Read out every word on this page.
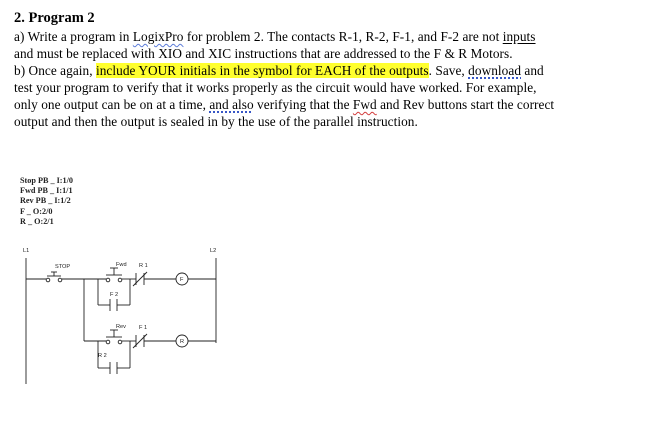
2. Program 2

a) Write a program in LogixPro for problem 2. The contacts R-1, R-2, F-1, and F-2 are not inputs
and must be replaced with XIO and XIC instructions that are addressed to the F & R Motors.

b) Once again, include YOUR initials in the symbol for EACH of the outputs. Save, download and
test your program to verify that it works properly as the circuit would have worked. For example,
only one output can be on at a time, and also verifying that the Fwd and Rev buttons start the correct
output and then the output is sealed in by the use of the parallel instruction.

Stop PB _ I:1/0
Fwd PB _ I:1/1
Rev PB _ I:1/2
F _ O:2/0
R _ O:2/1
L1	L2
STOP	Fwd R 1
F 2
F
Rev F 1
R 2
R
